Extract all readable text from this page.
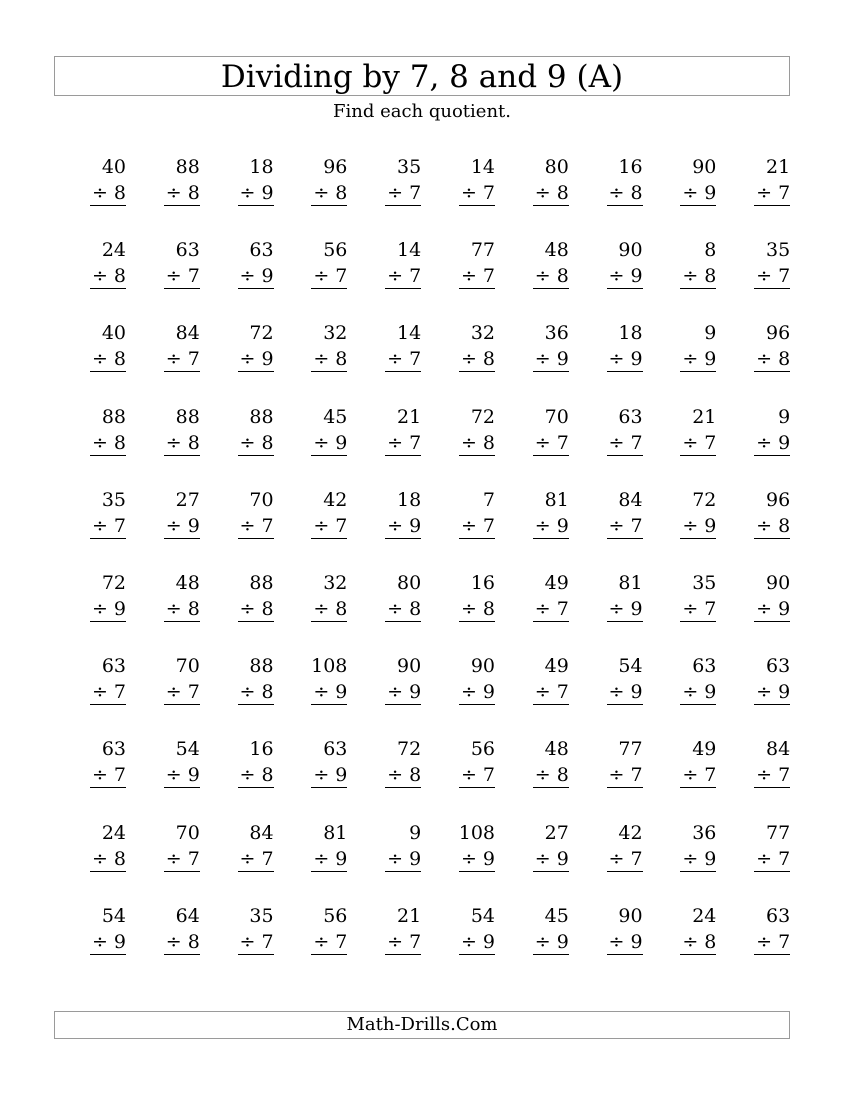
Dividing by 7, 8 and 9 (A)
Find each quotient.
40
÷ 8
88
÷ 8
18
÷ 9
96
÷ 8
35
÷ 7
14
÷ 7
80
÷ 8
16
÷ 8
90
÷ 9
21
÷ 7
24
÷ 8
63
÷ 7
63
÷ 9
56
÷ 7
14
÷ 7
77
÷ 7
48
÷ 8
90
÷ 9
8
÷ 8
35
÷ 7
40
÷ 8
84
÷ 7
72
÷ 9
32
÷ 8
14
÷ 7
32
÷ 8
36
÷ 9
18
÷ 9
9
÷ 9
96
÷ 8
88
÷ 8
88
÷ 8
88
÷ 8
45
÷ 9
21
÷ 7
72
÷ 8
70
÷ 7
63
÷ 7
21
÷ 7
9
÷ 9
35
÷ 7
27
÷ 9
70
÷ 7
42
÷ 7
18
÷ 9
7
÷ 7
81
÷ 9
84
÷ 7
72
÷ 9
96
÷ 8
72
÷ 9
48
÷ 8
88
÷ 8
32
÷ 8
80
÷ 8
16
÷ 8
49
÷ 7
81
÷ 9
35
÷ 7
90
÷ 9
63
÷ 7
70
÷ 7
88
÷ 8
108
÷ 9
90
÷ 9
90
÷ 9
49
÷ 7
54
÷ 9
63
÷ 9
63
÷ 9
63
÷ 7
54
÷ 9
16
÷ 8
63
÷ 9
72
÷ 8
56
÷ 7
48
÷ 8
77
÷ 7
49
÷ 7
84
÷ 7
24
÷ 8
70
÷ 7
84
÷ 7
81
÷ 9
9
÷ 9
108
÷ 9
27
÷ 9
42
÷ 7
36
÷ 9
77
÷ 7
54
÷ 9
64
÷ 8
35
÷ 7
56
÷ 7
21
÷ 7
54
÷ 9
45
÷ 9
90
÷ 9
24
÷ 8
63
÷ 7
Math-Drills.Com
